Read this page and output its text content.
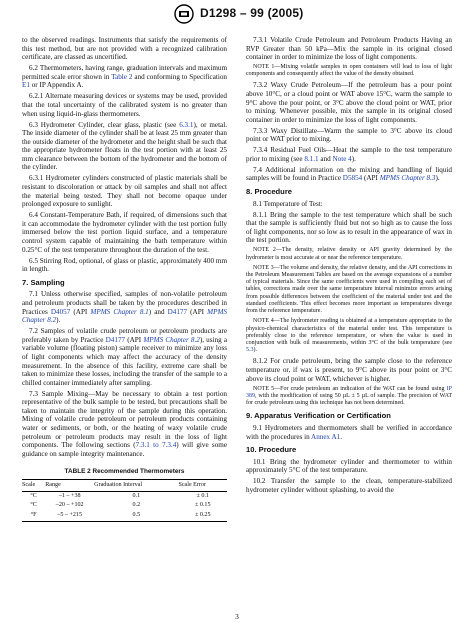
D1298 – 99 (2005)

to the observed readings. Instruments that satisfy the requirements of this test method, but are not provided with a recognized calibration certificate, are classed as uncertified.

6.2 Thermometers, having range, graduation intervals and maximum permitted scale error shown in Table 2 and conforming to Specification E1 or IP Appendix A.

6.2.1 Alternate measuring devices or systems may be used, provided that the total uncertainty of the calibrated system is no greater than when using liquid-in-glass thermometers.

6.3 Hydrometer Cylinder, clear glass, plastic (see 6.3.1), or metal. The inside diameter of the cylinder shall be at least 25 mm greater than the outside diameter of the hydrometer and the height shall be such that the appropriate hydrometer floats in the test portion with at least 25 mm clearance between the bottom of the hydrometer and the bottom of the cylinder.

6.3.1 Hydrometer cylinders constructed of plastic materials shall be resistant to discoloration or attack by oil samples and shall not affect the material being tested. They shall not become opaque under prolonged exposure to sunlight.

6.4 Constant-Temperature Bath, if required, of dimensions such that it can accommodate the hydrometer cylinder with the test portion fully immersed below the test portion liquid surface, and a temperature control system capable of maintaining the bath temperature within 0.25°C of the test temperature throughout the duration of the test.

6.5 Stirring Rod, optional, of glass or plastic, approximately 400 mm in length.

7. Sampling

7.1 Unless otherwise specified, samples of non-volatile petroleum and petroleum products shall be taken by the procedures described in Practices D4057 (API MPMS Chapter 8.1) and D4177 (API MPMS Chapter 8.2).

7.2 Samples of volatile crude petroleum or petroleum products are preferably taken by Practice D4177 (API MPMS Chapter 8.2), using a variable volume (floating piston) sample receiver to minimize any loss of light components which may affect the accuracy of the density measurement. In the absence of this facility, extreme care shall be taken to minimize these losses, including the transfer of the sample to a chilled container immediately after sampling.

7.3 Sample Mixing—May be necessary to obtain a test portion representative of the bulk sample to be tested, but precautions shall be taken to maintain the integrity of the sample during this operation. Mixing of volatile crude petroleum or petroleum products containing water or sediments, or both, or the heating of waxy volatile crude petroleum or petroleum products may result in the loss of light components. The following sections (7.3.1 to 7.3.4) will give some guidance on sample integrity maintenance.

TABLE 2 Recommended Thermometers
Scale	Range	Graduation Interval	Scale Error
°C	–1 – +38	0.1	± 0.1
°C	–20 – +102	0.2	± 0.15
°F	–5 – +215	0.5	± 0.25

7.3.1 Volatile Crude Petroleum and Petroleum Products Having an RVP Greater than 50 kPa—Mix the sample in its original closed container in order to minimize the loss of light components.

NOTE 1—Mixing volatile samples in open containers will lead to loss of light components and consequently affect the value of the density obtained.

7.3.2 Waxy Crude Petroleum—If the petroleum has a pour point above 10°C, or a cloud point or WAT above 15°C, warm the sample to 9°C above the pour point, or 3°C above the cloud point or WAT, prior to mixing. Whenever possible, mix the sample in its original closed container in order to minimize the loss of light components.

7.3.3 Waxy Distillate—Warm the sample to 3°C above its cloud point or WAT prior to mixing.

7.3.4 Residual Fuel Oils—Heat the sample to the test temperature prior to mixing (see 8.1.1 and Note 4).

7.4 Additional information on the mixing and handling of liquid samples will be found in Practice D5854 (API MPMS Chapter 8.3).

8. Procedure

8.1 Temperature of Test:

8.1.1 Bring the sample to the test temperature which shall be such that the sample is sufficiently fluid but not so high as to cause the loss of light components, nor so low as to result in the appearance of wax in the test portion.

NOTE 2—The density, relative density or API gravity determined by the hydrometer is most accurate at or near the reference temperature.

NOTE 3—The volume and density, the relative density, and the API corrections in the Petroleum Measurement Tables are based on the average expansions of a number of typical materials. Since the same coefficients were used in compiling each set of tables, corrections made over the same temperature interval minimize errors arising from possible differences between the coefficient of the material under test and the standard coefficients. This effect becomes more important as temperatures diverge from the reference temperature.

NOTE 4—The hydrometer reading is obtained at a temperature appropriate to the physico-chemical characteristics of the material under test. This temperature is preferably close to the reference temperature, or when the value is used in conjunction with bulk oil measurements, within 3°C of the bulk temperature (see 5.3).

8.1.2 For crude petroleum, bring the sample close to the reference temperature or, if wax is present, to 9°C above its pour point or 3°C above its cloud point or WAT, whichever is higher.

NOTE 5—For crude petroleum an indication of the WAT can be found using IP 389, with the modification of using 50 µL ± 5 µL of sample. The precision of WAT for crude petroleum using this technique has not been determined.

9. Apparatus Verification or Certification

9.1 Hydrometers and thermometers shall be verified in accordance with the procedures in Annex A1.

10. Procedure

10.1 Bring the hydrometer cylinder and thermometer to within approximately 5°C of the test temperature.

10.2 Transfer the sample to the clean, temperature-stabilized hydrometer cylinder without splashing, to avoid the

3
